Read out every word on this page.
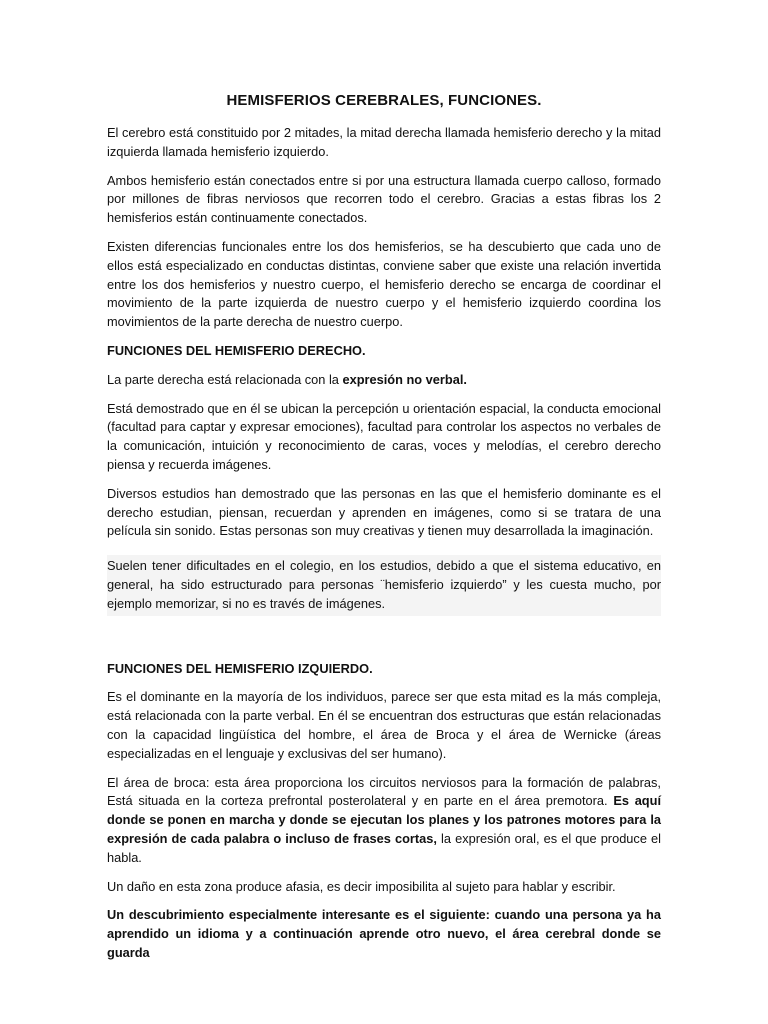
HEMISFERIOS CEREBRALES, FUNCIONES.

El cerebro está constituido por 2 mitades, la mitad derecha llamada hemisferio derecho y la mitad izquierda llamada hemisferio izquierdo.

Ambos hemisferio están conectados entre si por una estructura llamada cuerpo calloso, formado por millones de fibras nerviosos que recorren todo el cerebro. Gracias a estas fibras los 2 hemisferios están continuamente conectados.

Existen diferencias funcionales entre los dos hemisferios, se ha descubierto que cada uno de ellos está especializado en conductas distintas, conviene saber que existe una relación invertida entre los dos hemisferios y nuestro cuerpo, el hemisferio derecho se encarga de coordinar el movimiento de la parte izquierda de nuestro cuerpo y el hemisferio izquierdo coordina los movimientos de la parte derecha de nuestro cuerpo.

FUNCIONES DEL HEMISFERIO DERECHO.

La parte derecha está relacionada con la expresión no verbal.

Está demostrado que en él se ubican la percepción u orientación espacial, la conducta emocional (facultad para captar y expresar emociones), facultad para controlar los aspectos no verbales de la comunicación, intuición y reconocimiento de caras, voces y melodías, el cerebro derecho piensa y recuerda imágenes.

Diversos estudios han demostrado que las personas en las que el hemisferio dominante es el derecho estudian, piensan, recuerdan y aprenden en imágenes, como si se tratara de una película sin sonido. Estas personas son muy creativas y tienen muy desarrollada la imaginación.

Suelen tener dificultades en el colegio, en los estudios, debido a que el sistema educativo, en general, ha sido estructurado para personas ¨hemisferio izquierdo” y les cuesta mucho, por ejemplo memorizar, si no es través de imágenes.

FUNCIONES DEL HEMISFERIO IZQUIERDO.

Es el dominante en la mayoría de los individuos, parece ser que esta mitad es la más compleja, está relacionada con la parte verbal. En él se encuentran dos estructuras que están relacionadas con la capacidad lingüística del hombre, el área de Broca y el área de Wernicke (áreas especializadas en el lenguaje y exclusivas del ser humano).

El área de broca: esta área proporciona los circuitos nerviosos para la formación de palabras, Está situada en la corteza prefrontal posterolateral y en parte en el área premotora. Es aquí donde se ponen en marcha y donde se ejecutan los planes y los patrones motores para la expresión de cada palabra o incluso de frases cortas, la expresión oral, es el que produce el habla.

Un daño en esta zona produce afasia, es decir imposibilita al sujeto para hablar y escribir.

Un descubrimiento especialmente interesante es el siguiente: cuando una persona ya ha aprendido un idioma y a continuación aprende otro nuevo, el área cerebral donde se guarda
